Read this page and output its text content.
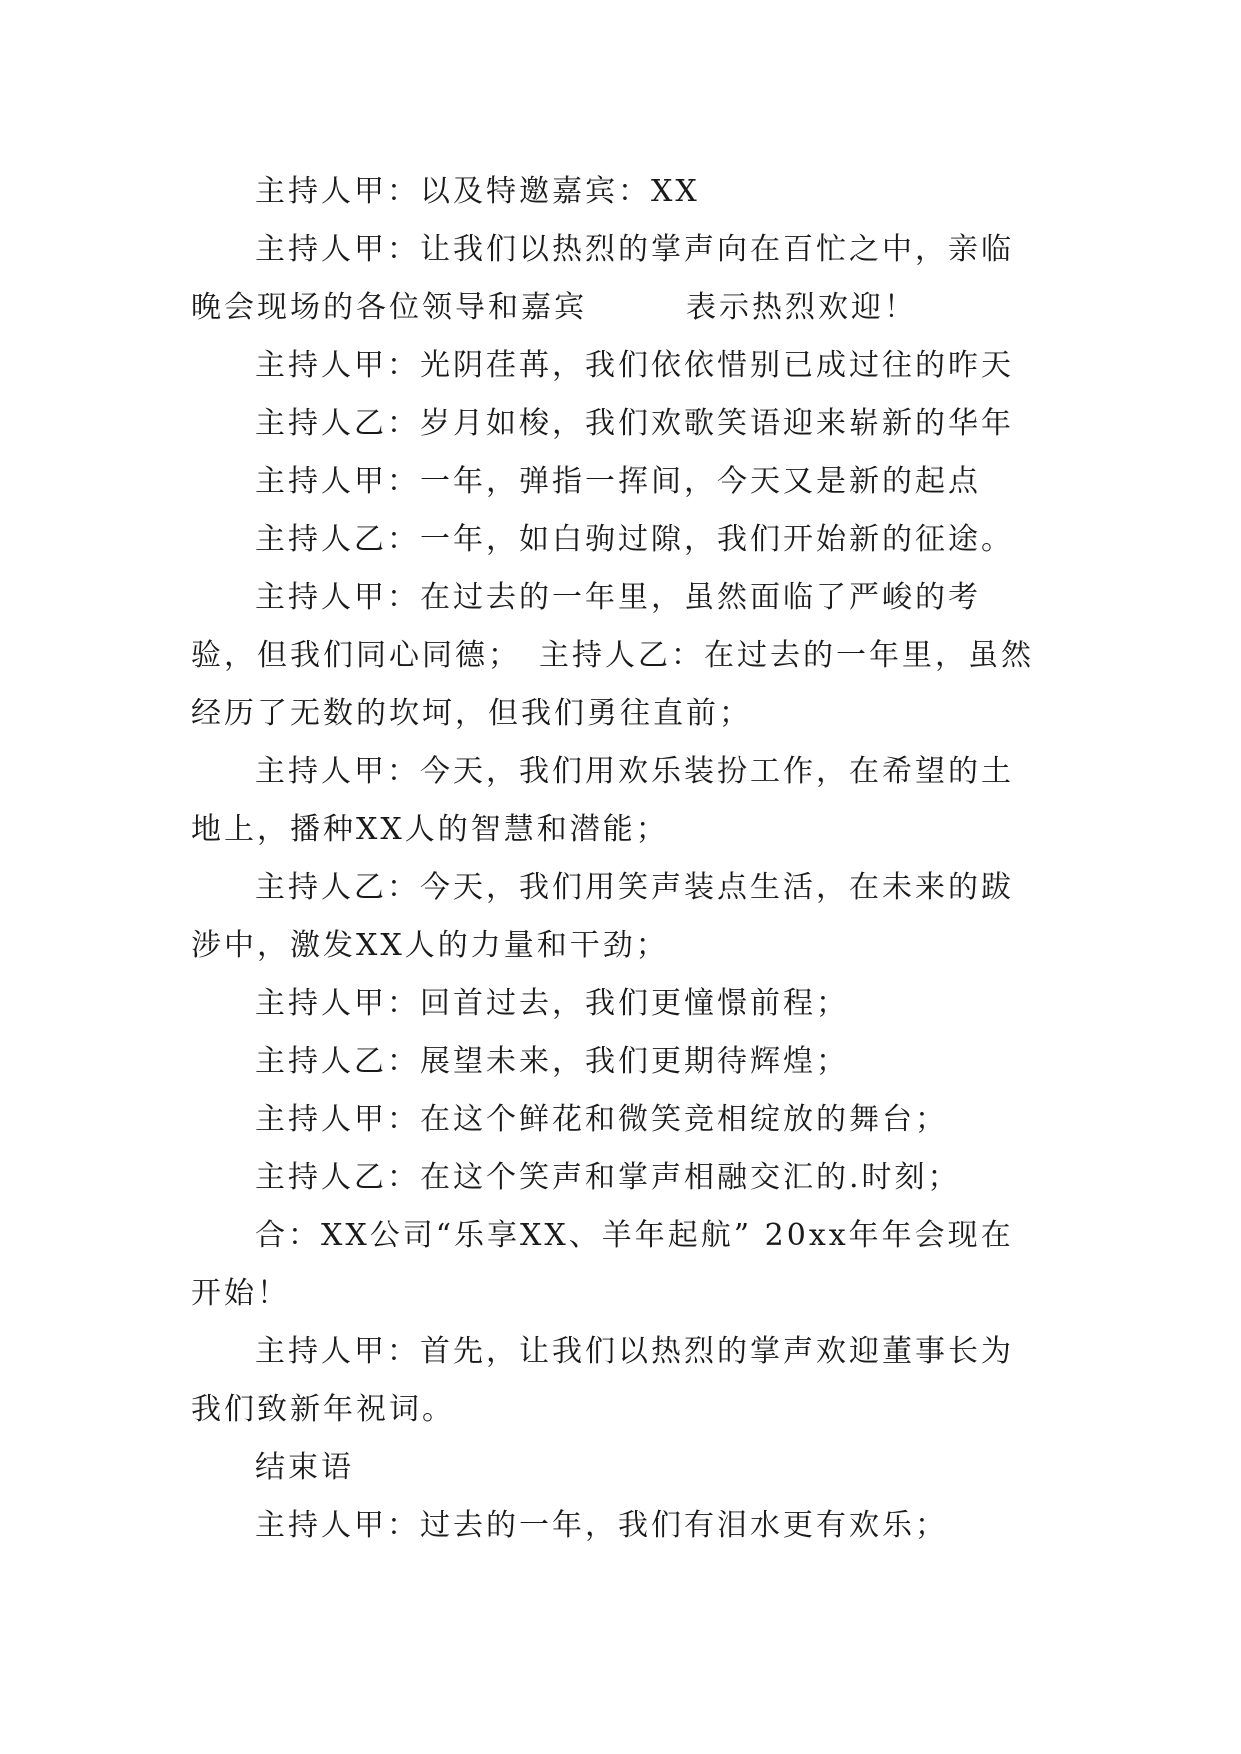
主持人甲：以及特邀嘉宾：XX

主持人甲：让我们以热烈的掌声向在百忙之中，亲临晚会现场的各位领导和嘉宾　　　表示热烈欢迎！

主持人甲：光阴荏苒，我们依依惜别已成过往的昨天

主持人乙：岁月如梭，我们欢歌笑语迎来崭新的华年

主持人甲：一年，弹指一挥间，今天又是新的起点

主持人乙：一年，如白驹过隙，我们开始新的征途。

主持人甲：在过去的一年里，虽然面临了严峻的考验，但我们同心同德；　主持人乙：在过去的一年里，虽然经历了无数的坎坷，但我们勇往直前；

主持人甲：今天，我们用欢乐装扮工作，在希望的土地上，播种XX人的智慧和潜能；

主持人乙：今天，我们用笑声装点生活，在未来的跋涉中，激发XX人的力量和干劲；

主持人甲：回首过去，我们更憧憬前程；

主持人乙：展望未来，我们更期待辉煌；

主持人甲：在这个鲜花和微笑竞相绽放的舞台；

主持人乙：在这个笑声和掌声相融交汇的.时刻；

合：XX公司“乐享XX、羊年起航” 20xx年年会现在开始！

主持人甲：首先，让我们以热烈的掌声欢迎董事长为我们致新年祝词。

结束语

主持人甲：过去的一年，我们有泪水更有欢乐；
